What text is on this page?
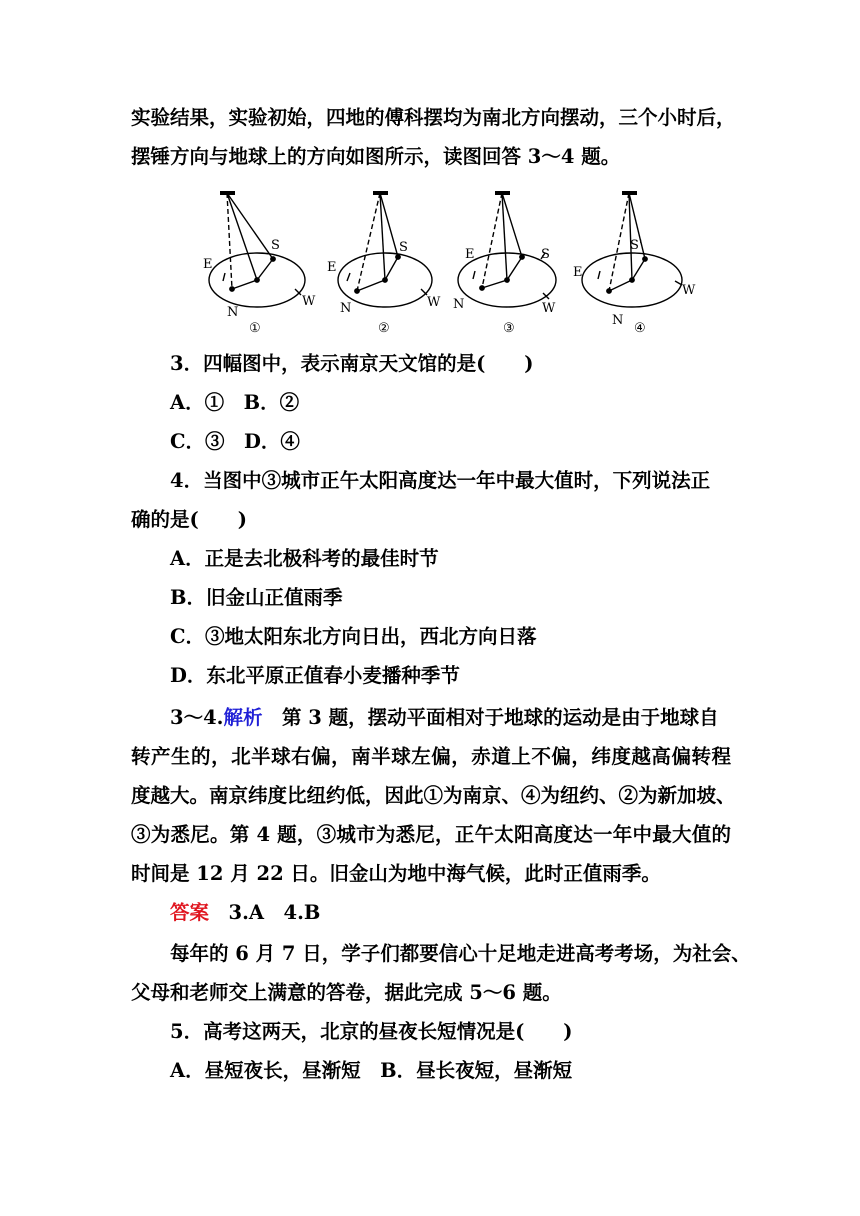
实验结果，实验初始，四地的傅科摆均为南北方向摆动，三个小时后，
摆锤方向与地球上的方向如图所示，读图回答 3～4 题。
E
S
N
W
①
E
S
N	W
②
E	S
N	W
③
E
S'
N
W
④
3．四幅图中，表示南京天文馆的是(　　)
A．①　B．②
C．③　D．④
4．当图中③城市正午太阳高度达一年中最大值时，下列说法正
确的是(　　)
A．正是去北极科考的最佳时节
B．旧金山正值雨季
C．③地太阳东北方向日出，西北方向日落
D．东北平原正值春小麦播种季节
3～4.解析　第 3 题，摆动平面相对于地球的运动是由于地球自
转产生的，北半球右偏，南半球左偏，赤道上不偏，纬度越高偏转程
度越大。南京纬度比纽约低，因此①为南京、④为纽约、②为新加坡、
③为悉尼。第 4 题，③城市为悉尼，正午太阳高度达一年中最大值的
时间是 12 月 22 日。旧金山为地中海气候，此时正值雨季。
答案　3.A　4.B
每年的 6 月 7 日，学子们都要信心十足地走进高考考场，为社会、
父母和老师交上满意的答卷，据此完成 5～6 题。
5．高考这两天，北京的昼夜长短情况是(　　)
A．昼短夜长，昼渐短　B．昼长夜短，昼渐短
